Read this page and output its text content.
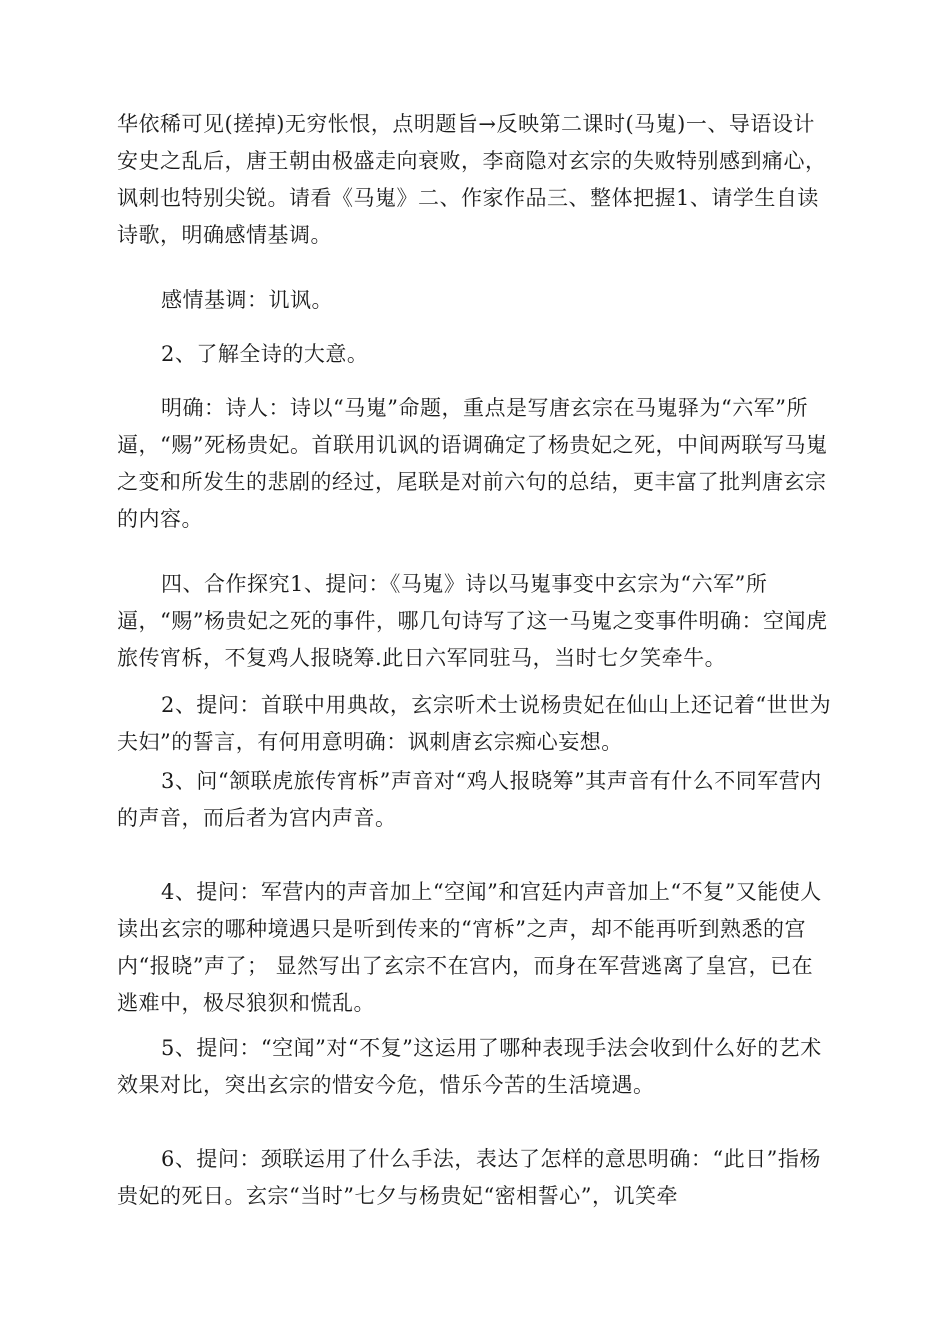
华依稀可见(搓掉)无穷怅恨，点明题旨→反映第二课时(马嵬)一、导语设计安史之乱后，唐王朝由极盛走向衰败，李商隐对玄宗的失败特别感到痛心，讽刺也特别尖锐。请看《马嵬》二、作家作品三、整体把握1、请学生自读诗歌，明确感情基调。

感情基调：讥讽。

2、了解全诗的大意。

明确：诗人：诗以“马嵬”命题，重点是写唐玄宗在马嵬驿为“六军”所逼，“赐”死杨贵妃。首联用讥讽的语调确定了杨贵妃之死，中间两联写马嵬之变和所发生的悲剧的经过，尾联是对前六句的总结，更丰富了批判唐玄宗的内容。

四、合作探究1、提问：《马嵬》诗以马嵬事变中玄宗为“六军”所逼，“赐”杨贵妃之死的事件，哪几句诗写了这一马嵬之变事件明确：空闻虎旅传宵柝，不复鸡人报晓筹.此日六军同驻马，当时七夕笑牵牛。

2、提问：首联中用典故，玄宗听术士说杨贵妃在仙山上还记着“世世为夫妇”的誓言，有何用意明确：讽刺唐玄宗痴心妄想。

3、问“颔联虎旅传宵柝”声音对“鸡人报晓筹”其声音有什么不同军营内的声音，而后者为宫内声音。

4、提问：军营内的声音加上“空闻”和宫廷内声音加上“不复”又能使人读出玄宗的哪种境遇只是听到传来的“宵柝”之声，却不能再听到熟悉的宫内“报晓”声了； 显然写出了玄宗不在宫内，而身在军营逃离了皇宫，已在逃难中，极尽狼狈和慌乱。

5、提问：“空闻”对“不复”这运用了哪种表现手法会收到什么好的艺术效果对比，突出玄宗的惜安今危，惜乐今苦的生活境遇。

6、提问：颈联运用了什么手法，表达了怎样的意思明确：“此日”指杨贵妃的死日。玄宗“当时”七夕与杨贵妃“密相誓心”，讥笑牵
